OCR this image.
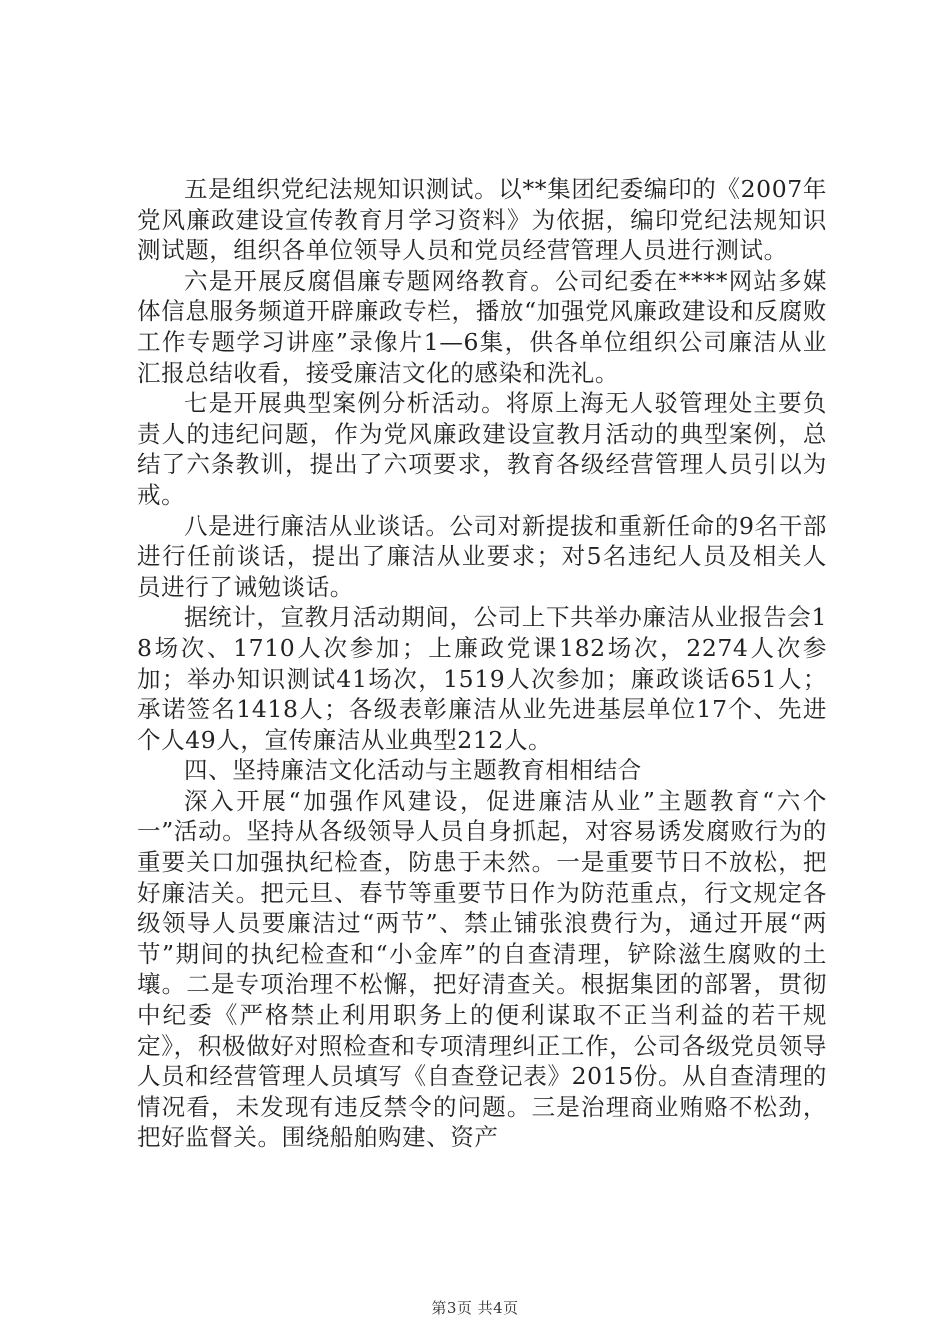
五是组织党纪法规知识测试。以**集团纪委编印的《2007年党风廉政建设宣传教育月学习资料》为依据，编印党纪法规知识测试题，组织各单位领导人员和党员经营管理人员进行测试。

六是开展反腐倡廉专题网络教育。公司纪委在****网站多媒体信息服务频道开辟廉政专栏，播放“加强党风廉政建设和反腐败工作专题学习讲座”录像片1—6集，供各单位组织公司廉洁从业汇报总结收看，接受廉洁文化的感染和洗礼。

七是开展典型案例分析活动。将原上海无人驳管理处主要负责人的违纪问题，作为党风廉政建设宣教月活动的典型案例，总结了六条教训，提出了六项要求，教育各级经营管理人员引以为戒。

八是进行廉洁从业谈话。公司对新提拔和重新任命的9名干部进行任前谈话，提出了廉洁从业要求；对5名违纪人员及相关人员进行了诫勉谈话。

据统计，宣教月活动期间，公司上下共举办廉洁从业报告会18场次、1710人次参加；上廉政党课182场次，2274人次参加；举办知识测试41场次，1519人次参加；廉政谈话651人；承诺签名1418人；各级表彰廉洁从业先进基层单位17个、先进个人49人，宣传廉洁从业典型212人。

四、坚持廉洁文化活动与主题教育相相结合

深入开展“加强作风建设，促进廉洁从业”主题教育“六个一”活动。坚持从各级领导人员自身抓起，对容易诱发腐败行为的重要关口加强执纪检查，防患于未然。一是重要节日不放松，把好廉洁关。把元旦、春节等重要节日作为防范重点，行文规定各级领导人员要廉洁过“两节”、禁止铺张浪费行为，通过开展“两节”期间的执纪检查和“小金库”的自查清理，铲除滋生腐败的土壤。二是专项治理不松懈，把好清查关。根据集团的部署，贯彻中纪委《严格禁止利用职务上的便利谋取不正当利益的若干规定》，积极做好对照检查和专项清理纠正工作，公司各级党员领导人员和经营管理人员填写《自查登记表》2015份。从自查清理的情况看，未发现有违反禁令的问题。三是治理商业贿赂不松劲，把好监督关。围绕船舶购建、资产

第3页 共4页
